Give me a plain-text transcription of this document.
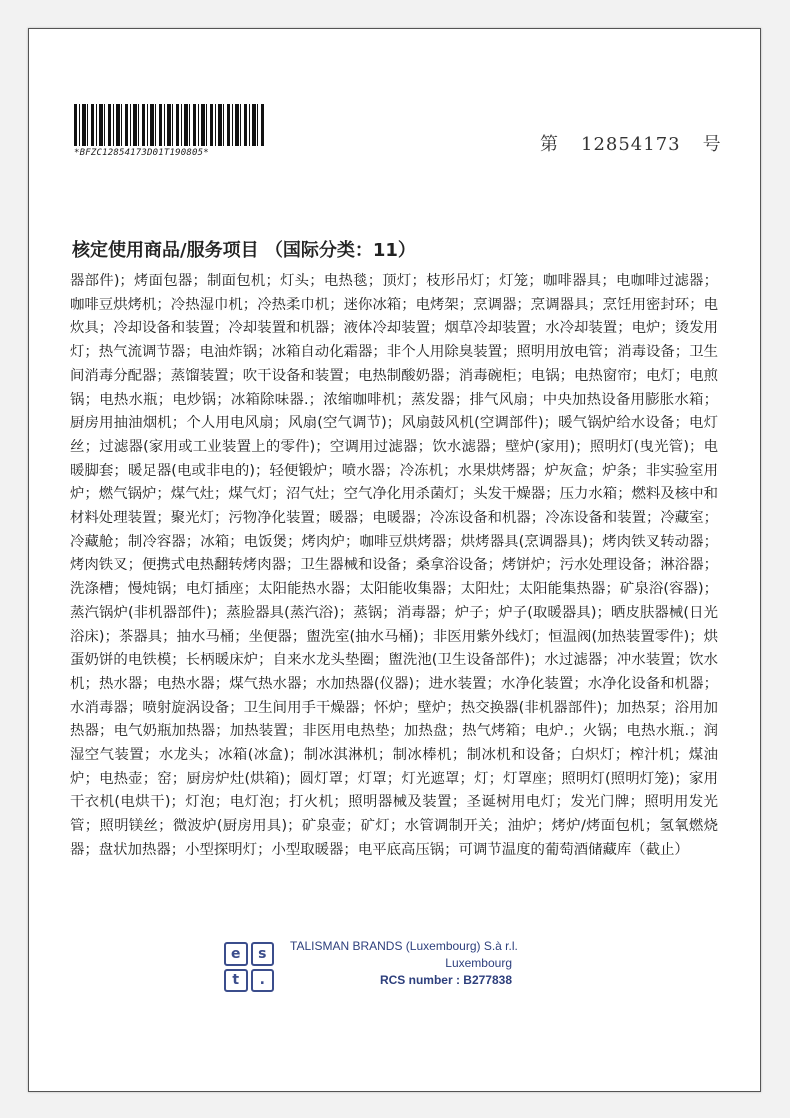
*BFZC12854173D01T190805*	第 12854173 号
核定使用商品/服务项目 （国际分类：11）
器部件)；烤面包器；制面包机；灯头；电热毯；顶灯；枝形吊灯；灯笼；咖啡器具；电咖啡过滤器；咖啡豆烘烤机；冷热湿巾机；冷热柔巾机；迷你冰箱；电烤架；烹调器；烹调器具；烹饪用密封环；电炊具；冷却设备和装置；冷却装置和机器；液体冷却装置；烟草冷却装置；水冷却装置；电炉；烫发用灯；热气流调节器；电油炸锅；冰箱自动化霜器；非个人用除臭装置；照明用放电管；消毒设备；卫生间消毒分配器；蒸馏装置；吹干设备和装置；电热制酸奶器；消毒碗柜；电锅；电热窗帘；电灯；电煎锅；电热水瓶；电炒锅；冰箱除味器.；浓缩咖啡机；蒸发器；排气风扇；中央加热设备用膨胀水箱；厨房用抽油烟机；个人用电风扇；风扇(空气调节)；风扇鼓风机(空调部件)；暖气锅炉给水设备；电灯丝；过滤器(家用或工业装置上的零件)；空调用过滤器；饮水滤器；壁炉(家用)；照明灯(曳光管)；电暖脚套；暖足器(电或非电的)；轻便锻炉；喷水器；冷冻机；水果烘烤器；炉灰盒；炉条；非实验室用炉；燃气锅炉；煤气灶；煤气灯；沼气灶；空气净化用杀菌灯；头发干燥器；压力水箱；燃料及核中和材料处理装置；聚光灯；污物净化装置；暖器；电暖器；冷冻设备和机器；冷冻设备和装置；冷藏室；冷藏舱；制冷容器；冰箱；电饭煲；烤肉炉；咖啡豆烘烤器；烘烤器具(烹调器具)；烤肉铁叉转动器；烤肉铁叉；便携式电热翻转烤肉器；卫生器械和设备；桑拿浴设备；烤饼炉；污水处理设备；淋浴器；洗涤槽；慢炖锅；电灯插座；太阳能热水器；太阳能收集器；太阳灶；太阳能集热器；矿泉浴(容器)；蒸汽锅炉(非机器部件)；蒸脸器具(蒸汽浴)；蒸锅；消毒器；炉子；炉子(取暖器具)；晒皮肤器械(日光浴床)；茶器具；抽水马桶；坐便器；盥洗室(抽水马桶)；非医用紫外线灯；恒温阀(加热装置零件)；烘蛋奶饼的电铁模；长柄暖床炉；自来水龙头垫圈；盥洗池(卫生设备部件)；水过滤器；冲水装置；饮水机；热水器；电热水器；煤气热水器；水加热器(仪器)；进水装置；水净化装置；水净化设备和机器；水消毒器；喷射旋涡设备；卫生间用手干燥器；怀炉；壁炉；热交换器(非机器部件)；加热泵；浴用加热器；电气奶瓶加热器；加热装置；非医用电热垫；加热盘；热气烤箱；电炉.；火锅；电热水瓶.；润湿空气装置；水龙头；冰箱(冰盒)；制冰淇淋机；制冰棒机；制冰机和设备；白炽灯；榨汁机；煤油炉；电热壶；窑；厨房炉灶(烘箱)；圆灯罩；灯罩；灯光遮罩；灯；灯罩座；照明灯(照明灯笼)；家用干衣机(电烘干)；灯泡；电灯泡；打火机；照明器械及装置；圣诞树用电灯；发光门牌；照明用发光管；照明镁丝；微波炉(厨房用具)；矿泉壶；矿灯；水管调制开关；油炉；烤炉/烤面包机；氢氧燃烧器；盘状加热器；小型探明灯；小型取暖器；电平底高压锅；可调节温度的葡萄酒储藏库（截止）
e	s
t	.
TALISMAN BRANDS (Luxembourg) S.à r.l.
Luxembourg
RCS number : B277838
